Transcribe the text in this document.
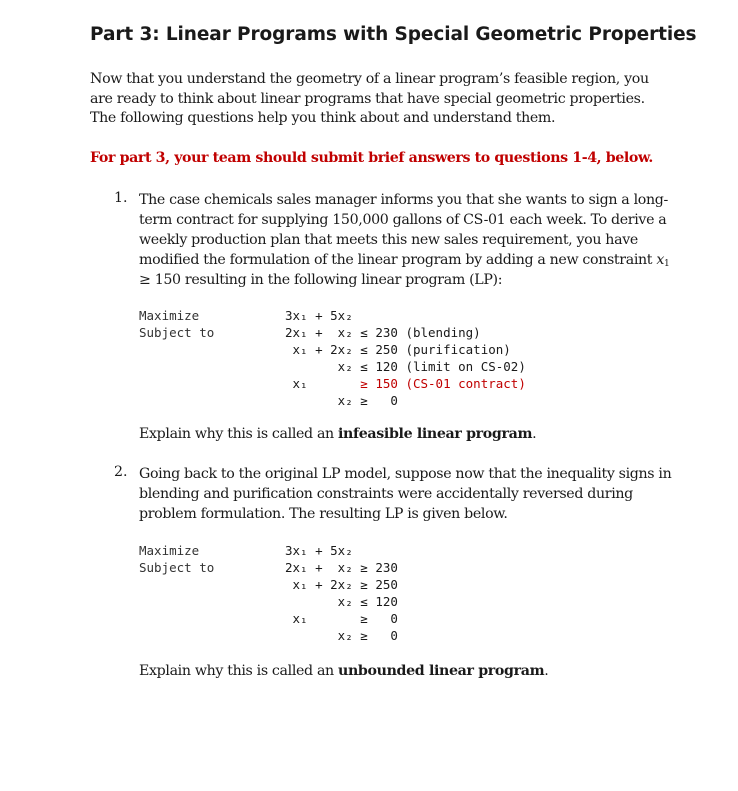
Part 3: Linear Programs with Special Geometric Properties
Now that you understand the geometry of a linear program’s feasible region, you are ready to think about linear programs that have special geometric properties. The following questions help you think about and understand them.
For part 3, your team should submit brief answers to questions 1-4, below.
1. The case chemicals sales manager informs you that she wants to sign a long-term contract for supplying 150,000 gallons of CS-01 each week. To derive a weekly production plan that meets this new sales requirement, you have modified the formulation of the linear program by adding a new constraint $x_1 \ge 150$ resulting in the following linear program (LP):
Maximize
Subject to
3x₁ + 5x₂
2x₁ +  x₂ ≤ 230 (blending)
x₁ + 2x₂ ≤ 250 (purification)
x₂ ≤ 120 (limit on CS-02)
x₁       ≥ 150 (CS-01 contract)
x₂ ≥   0
Explain why this is called an infeasible linear program.
2. Going back to the original LP model, suppose now that the inequality signs in blending and purification constraints were accidentally reversed during problem formulation. The resulting LP is given below.
Maximize
Subject to
3x₁ + 5x₂
2x₁ +  x₂ ≥ 230
x₁ + 2x₂ ≥ 250
x₂ ≤ 120
x₁       ≥   0
x₂ ≥   0
Explain why this is called an unbounded linear program.
